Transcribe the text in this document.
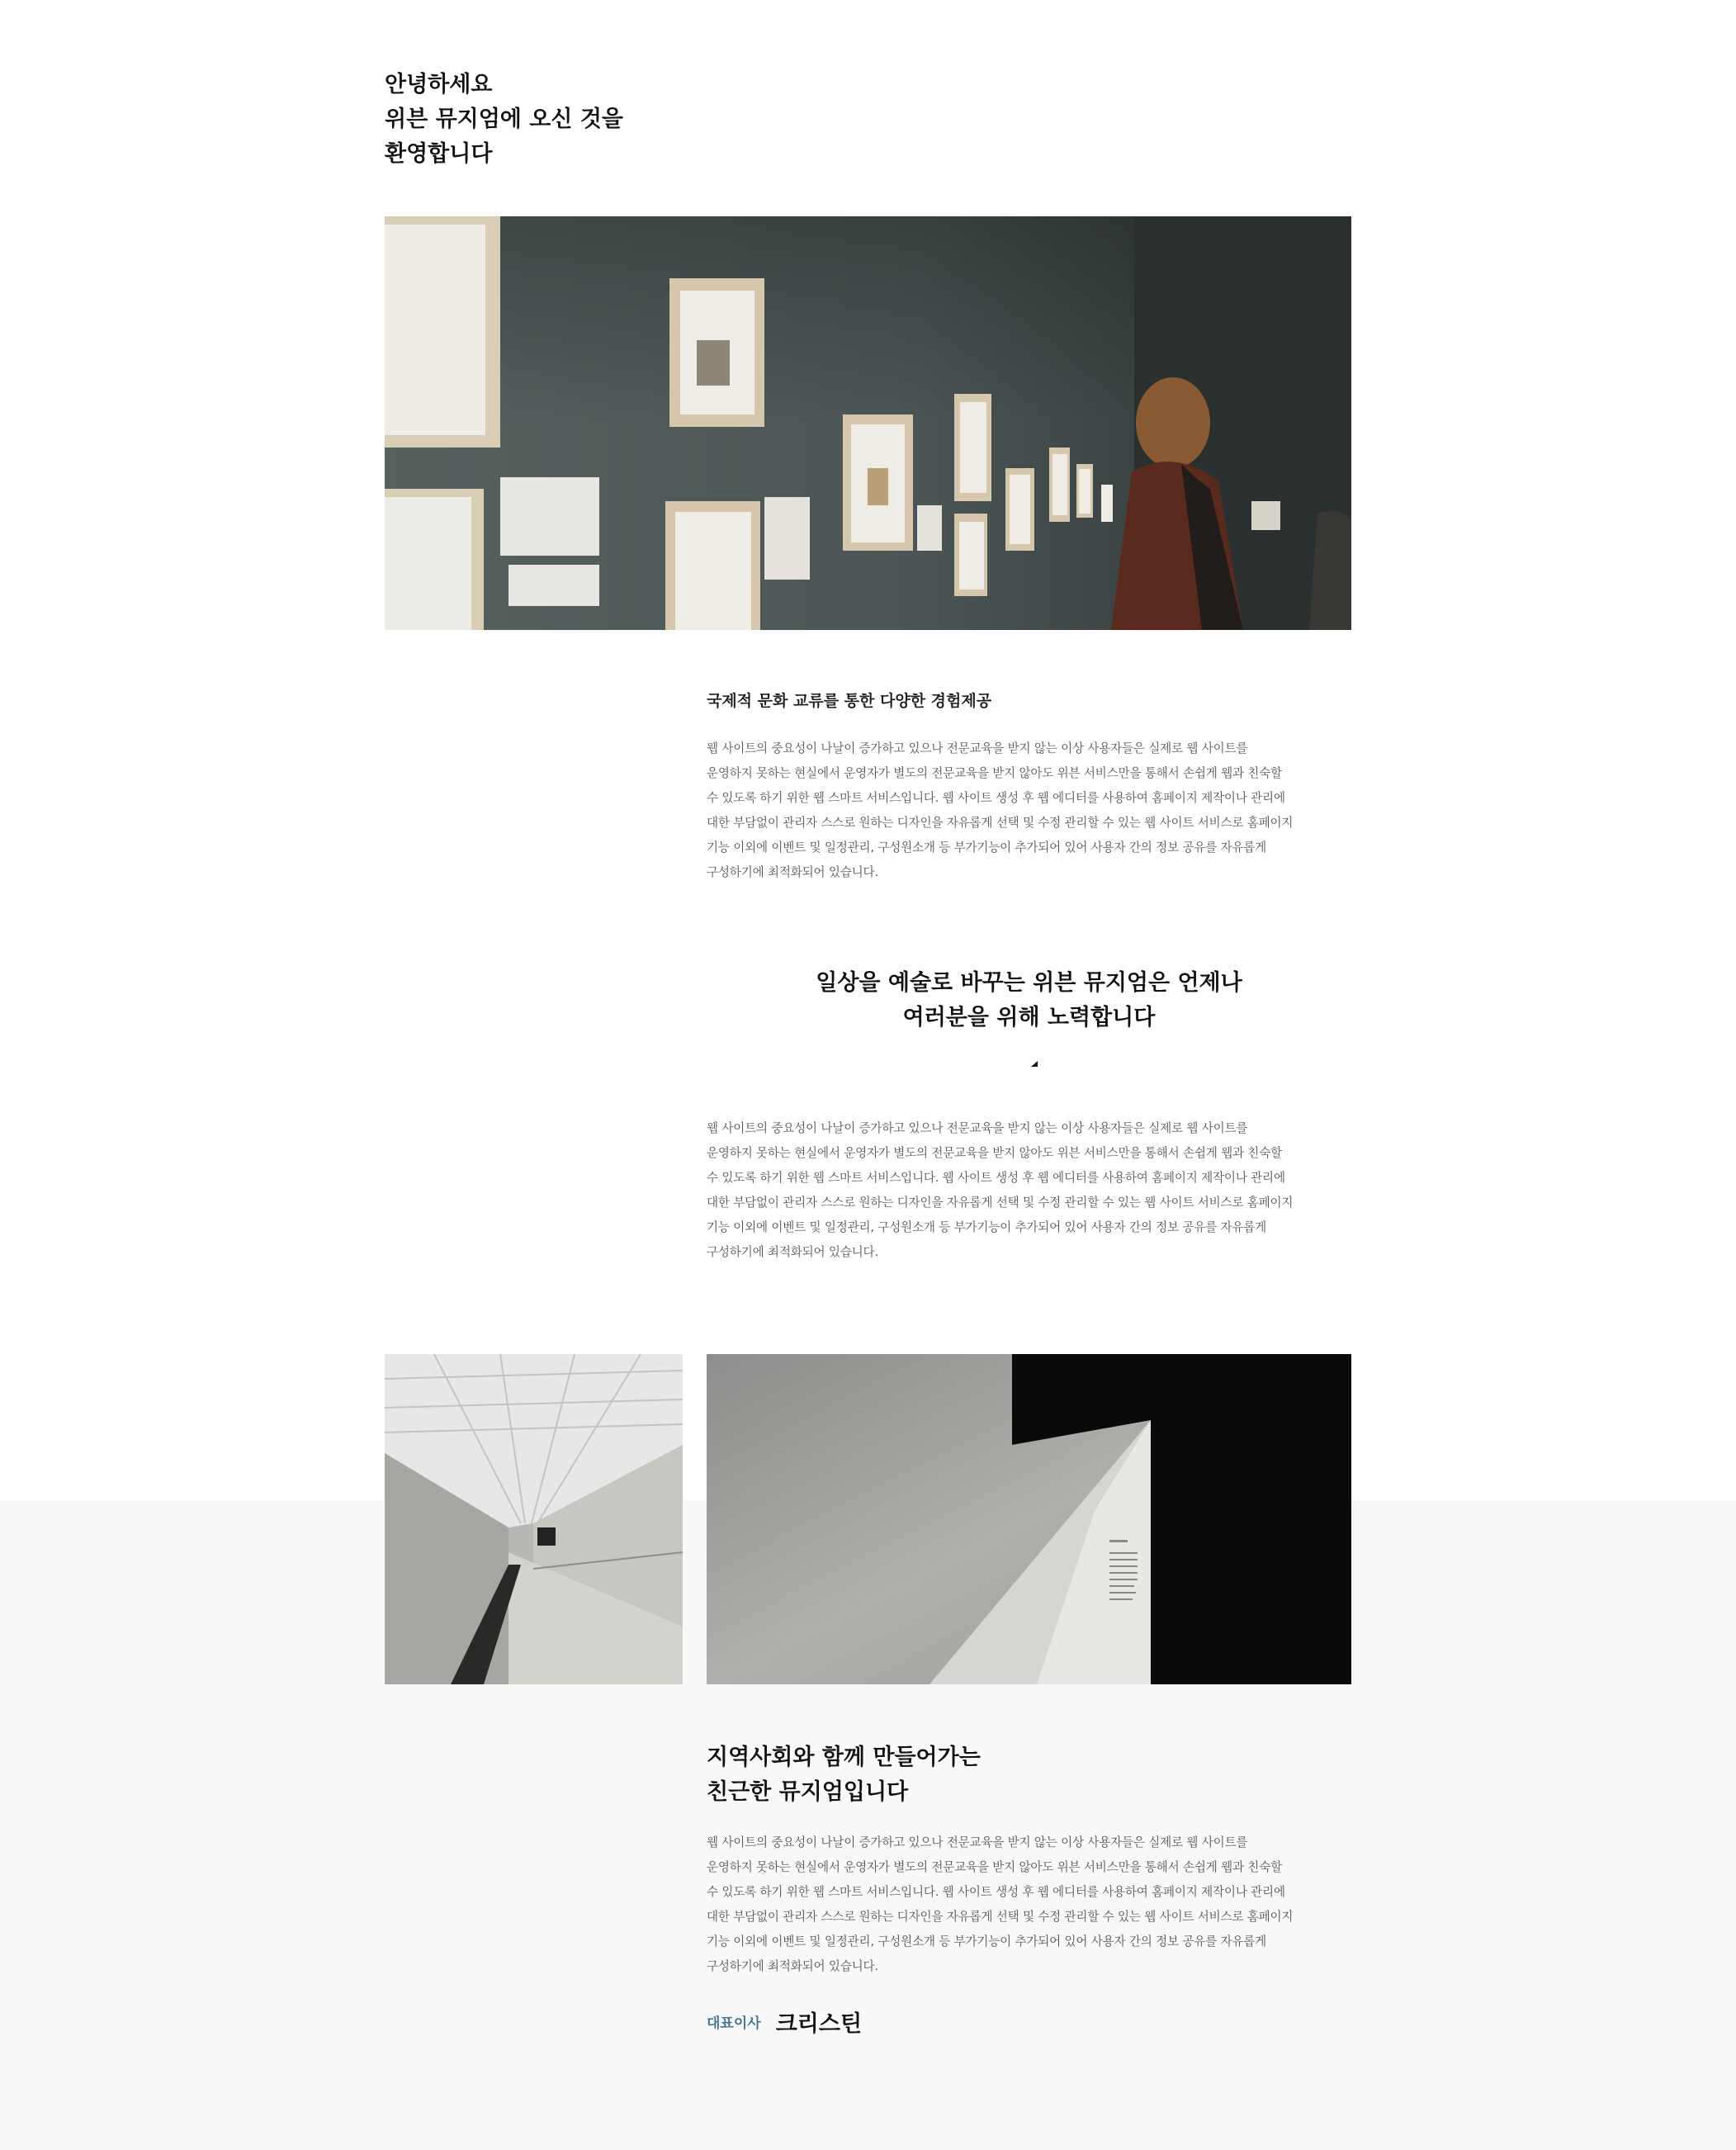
안녕하세요
위븐 뮤지엄에 오신 것을
환영합니다
국제적 문화 교류를 통한 다양한 경험제공
웹 사이트의 중요성이 나날이 증가하고 있으나 전문교육을 받지 않는 이상 사용자들은 실제로 웹 사이트를
운영하지 못하는 현실에서 운영자가 별도의 전문교육을 받지 않아도 위븐 서비스만을 통해서 손쉽게 웹과 친숙할
수 있도록 하기 위한 웹 스마트 서비스입니다. 웹 사이트 생성 후 웹 에디터를 사용하여 홈페이지 제작이나 관리에
대한 부담없이 관리자 스스로 원하는 디자인을 자유롭게 선택 및 수정 관리할 수 있는 웹 사이트 서비스로 홈페이지
기능 이외에 이벤트 및 일정관리, 구성원소개 등 부가기능이 추가되어 있어 사용자 간의 정보 공유를 자유롭게
구성하기에 최적화되어 있습니다.
일상을 예술로 바꾸는 위븐 뮤지엄은 언제나
여러분을 위해 노력합니다
웹 사이트의 중요성이 나날이 증가하고 있으나 전문교육을 받지 않는 이상 사용자들은 실제로 웹 사이트를
운영하지 못하는 현실에서 운영자가 별도의 전문교육을 받지 않아도 위븐 서비스만을 통해서 손쉽게 웹과 친숙할
수 있도록 하기 위한 웹 스마트 서비스입니다. 웹 사이트 생성 후 웹 에디터를 사용하여 홈페이지 제작이나 관리에
대한 부담없이 관리자 스스로 원하는 디자인을 자유롭게 선택 및 수정 관리할 수 있는 웹 사이트 서비스로 홈페이지
기능 이외에 이벤트 및 일정관리, 구성원소개 등 부가기능이 추가되어 있어 사용자 간의 정보 공유를 자유롭게
구성하기에 최적화되어 있습니다.
지역사회와 함께 만들어가는
친근한 뮤지엄입니다
웹 사이트의 중요성이 나날이 증가하고 있으나 전문교육을 받지 않는 이상 사용자들은 실제로 웹 사이트를
운영하지 못하는 현실에서 운영자가 별도의 전문교육을 받지 않아도 위븐 서비스만을 통해서 손쉽게 웹과 친숙할
수 있도록 하기 위한 웹 스마트 서비스입니다. 웹 사이트 생성 후 웹 에디터를 사용하여 홈페이지 제작이나 관리에
대한 부담없이 관리자 스스로 원하는 디자인을 자유롭게 선택 및 수정 관리할 수 있는 웹 사이트 서비스로 홈페이지
기능 이외에 이벤트 및 일정관리, 구성원소개 등 부가기능이 추가되어 있어 사용자 간의 정보 공유를 자유롭게
구성하기에 최적화되어 있습니다.
대표이사 크리스틴
